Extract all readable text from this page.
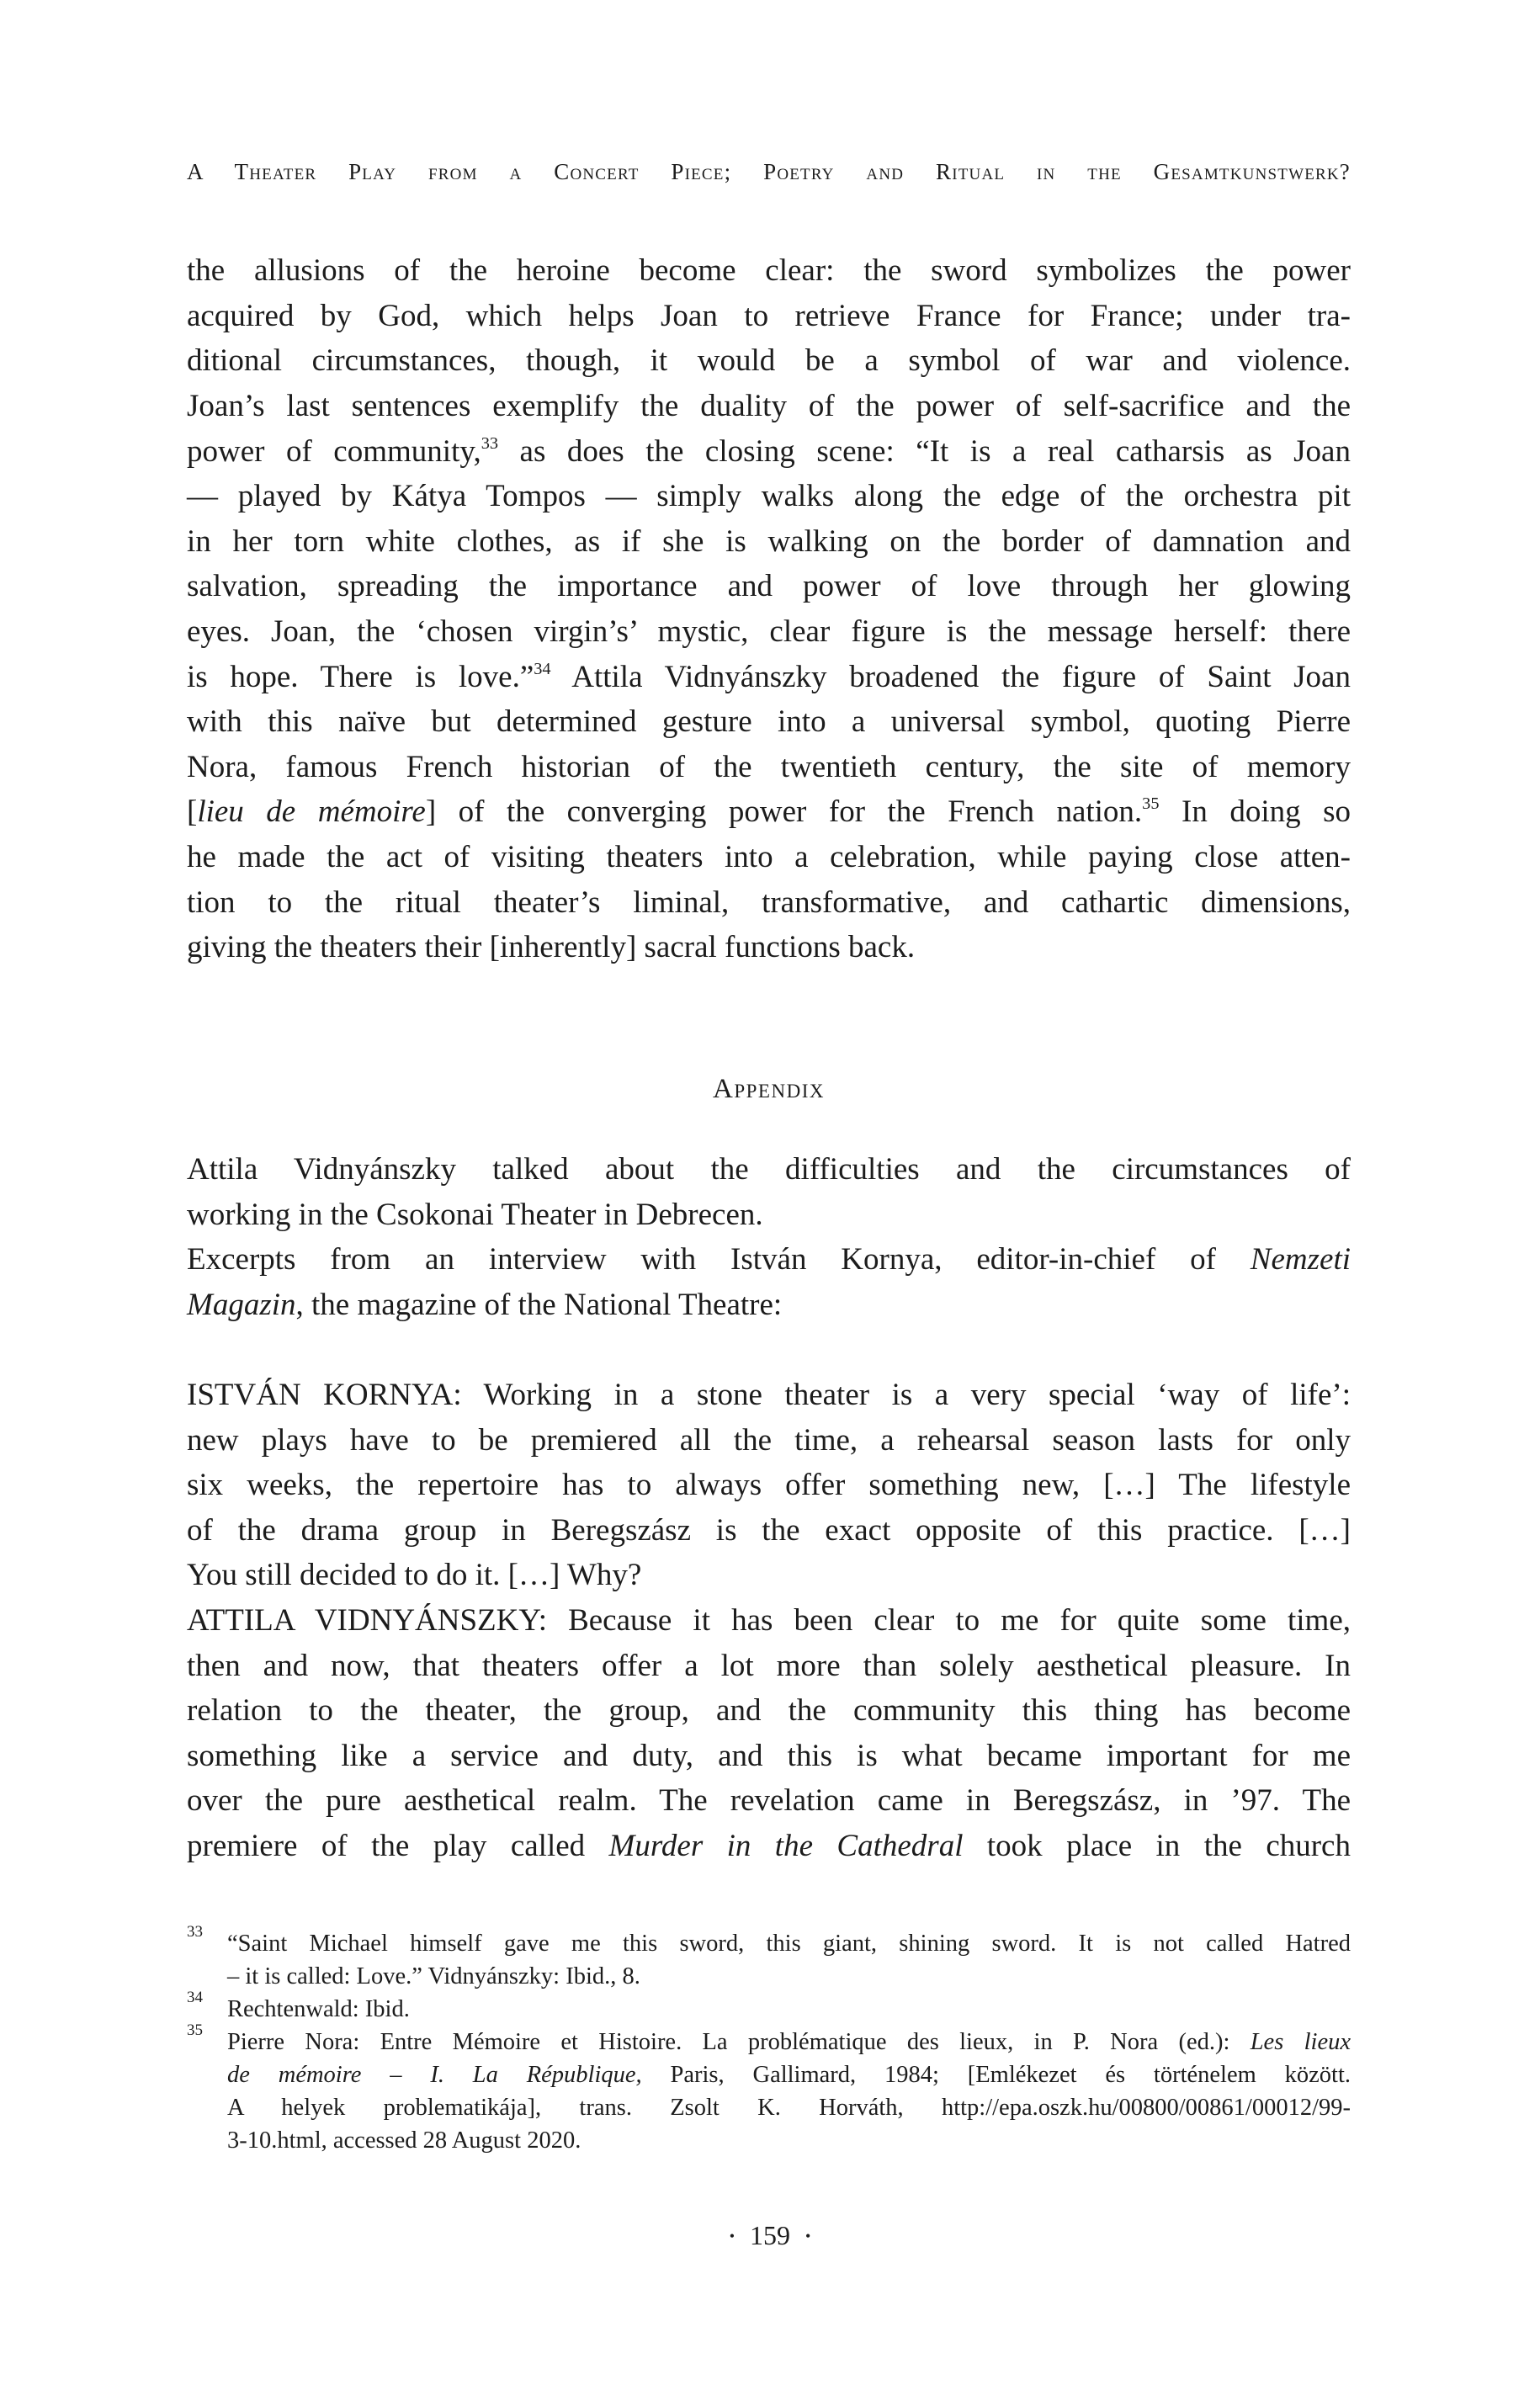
A Theater Play from a Concert Piece; Poetry and Ritual in the Gesamtkunstwerk?
the allusions of the heroine become clear: the sword symbolizes the power
acquired by God, which helps Joan to retrieve France for France; under tra-
ditional circumstances, though, it would be a symbol of war and violence.
Joan’s last sentences exemplify the duality of the power of self-sacrifice and the
power of community,$^{33}$ as does the closing scene: “It is a real catharsis as Joan
— played by Kátya Tompos — simply walks along the edge of the orchestra pit
in her torn white clothes, as if she is walking on the border of damnation and
salvation, spreading the importance and power of love through her glowing
eyes. Joan, the ‘chosen virgin’s’ mystic, clear figure is the message herself: there
is hope. There is love.”$^{34}$ Attila Vidnyánszky broadened the figure of Saint Joan
with this naïve but determined gesture into a universal symbol, quoting Pierre
Nora, famous French historian of the twentieth century, the site of memory
[lieu de mémoire] of the converging power for the French nation.$^{35}$ In doing so
he made the act of visiting theaters into a celebration, while paying close atten-
tion to the ritual theater’s liminal, transformative, and cathartic dimensions,
giving the theaters their [inherently] sacral functions back.
Appendix
Attila Vidnyánszky talked about the difficulties and the circumstances of
working in the Csokonai Theater in Debrecen.
Excerpts from an interview with István Kornya, editor-in-chief of Nemzeti
Magazin, the magazine of the National Theatre:
ISTVÁN KORNYA: Working in a stone theater is a very special ‘way of life’:
new plays have to be premiered all the time, a rehearsal season lasts for only
six weeks, the repertoire has to always offer something new, […] The lifestyle
of the drama group in Beregszász is the exact opposite of this practice. […]
You still decided to do it. […] Why?
ATTILA VIDNYÁNSZKY: Because it has been clear to me for quite some time,
then and now, that theaters offer a lot more than solely aesthetical pleasure. In
relation to the theater, the group, and the community this thing has become
something like a service and duty, and this is what became important for me
over the pure aesthetical realm. The revelation came in Beregszász, in ’97. The
premiere of the play called Murder in the Cathedral took place in the church
33 “Saint Michael himself gave me this sword, this giant, shining sword. It is not called Hatred
– it is called: Love.” Vidnyánszky: Ibid., 8.
34 Rechtenwald: Ibid.
35 Pierre Nora: Entre Mémoire et Histoire. La problématique des lieux, in P. Nora (ed.): Les lieux
de mémoire – I. La République, Paris, Gallimard, 1984; [Emlékezet és történelem között.
A helyek problematikája], trans. Zsolt K. Horváth, http://epa.oszk.hu/00800/00861/00012/99-
3-10.html, accessed 28 August 2020.
• 159 •
